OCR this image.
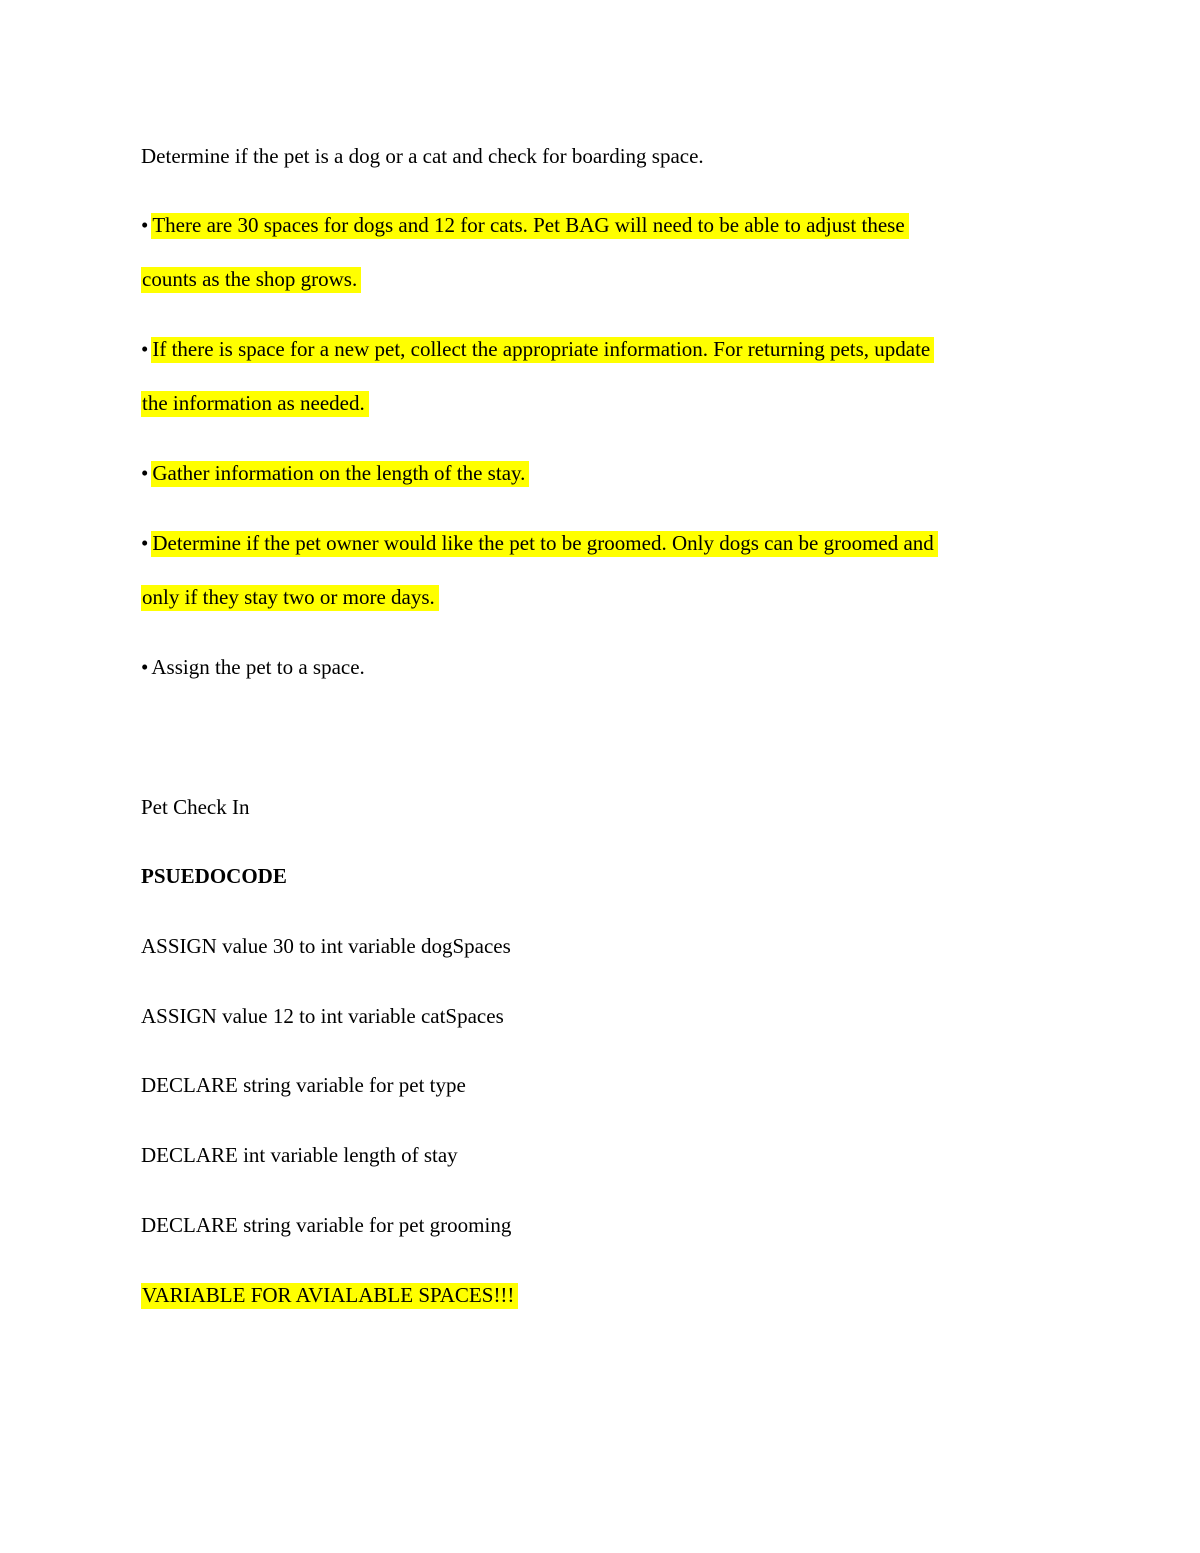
Determine if the pet is a dog or a cat and check for boarding space.

• There are 30 spaces for dogs and 12 for cats. Pet BAG will need to be able to adjust these

counts as the shop grows.

• If there is space for a new pet, collect the appropriate information. For returning pets, update

the information as needed.

• Gather information on the length of the stay.

• Determine if the pet owner would like the pet to be groomed. Only dogs can be groomed and

only if they stay two or more days.

• Assign the pet to a space.

Pet Check In

PSUEDOCODE

ASSIGN value 30 to int variable dogSpaces

ASSIGN value 12 to int variable catSpaces

DECLARE string variable for pet type

DECLARE int variable length of stay

DECLARE string variable for pet grooming

VARIABLE FOR AVIALABLE SPACES!!!
